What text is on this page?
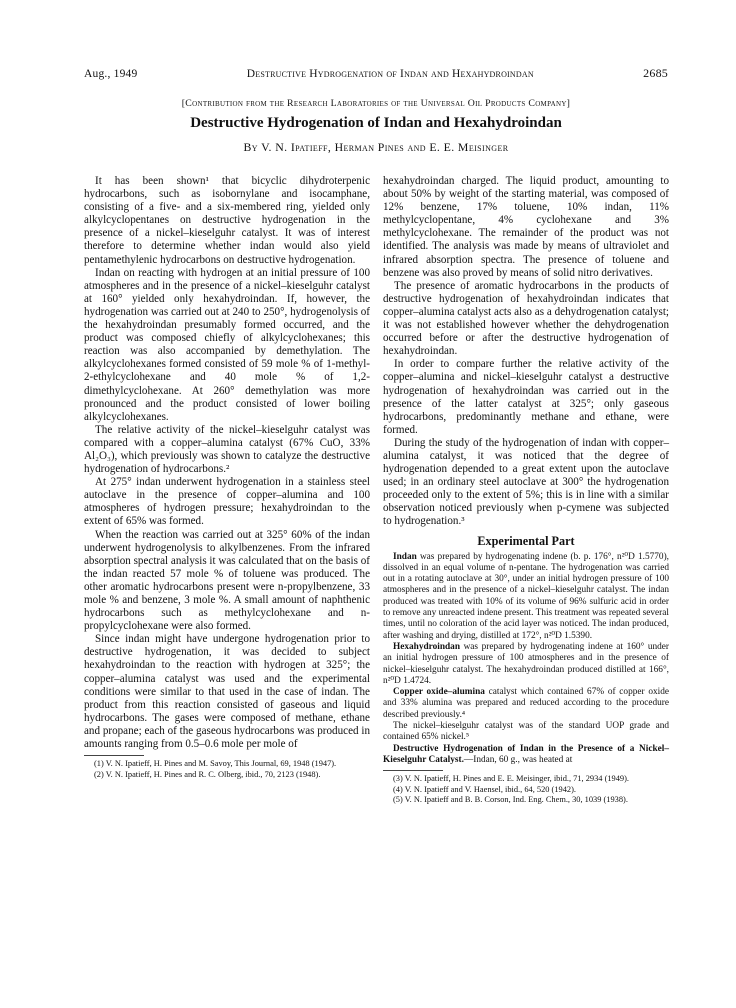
Aug., 1949	Destructive Hydrogenation of Indan and Hexahydroindan	2685
[Contribution from the Research Laboratories of the Universal Oil Products Company]
Destructive Hydrogenation of Indan and Hexahydroindan
By V. N. Ipatieff, Herman Pines and E. E. Meisinger

It has been shown¹ that bicyclic dihydroterpenic hydrocarbons, such as isobornylane and isocamphane, consisting of a five- and a six-membered ring, yielded only alkylcyclopentanes on destructive hydrogenation in the presence of a nickel–kieselguhr catalyst. It was of interest therefore to determine whether indan would also yield pentamethylenic hydrocarbons on destructive hydrogenation.

Indan on reacting with hydrogen at an initial pressure of 100 atmospheres and in the presence of a nickel–kieselguhr catalyst at 160° yielded only hexahydroindan. If, however, the hydrogenation was carried out at 240 to 250°, hydrogenolysis of the hexahydroindan presumably formed occurred, and the product was composed chiefly of alkylcyclohexanes; this reaction was also accompanied by demethylation. The alkylcyclohexanes formed consisted of 59 mole % of 1-methyl-2-ethylcyclohexane and 40 mole % of 1,2-dimethylcyclohexane. At 260° demethylation was more pronounced and the product consisted of lower boiling alkylcyclohexanes.

The relative activity of the nickel–kieselguhr catalyst was compared with a copper–alumina catalyst (67% CuO, 33% Al₂O₃), which previously was shown to catalyze the destructive hydrogenation of hydrocarbons.²

At 275° indan underwent hydrogenation in a stainless steel autoclave in the presence of copper–alumina and 100 atmospheres of hydrogen pressure; hexahydroindan to the extent of 65% was formed.

When the reaction was carried out at 325° 60% of the indan underwent hydrogenolysis to alkylbenzenes. From the infrared absorption spectral analysis it was calculated that on the basis of the indan reacted 57 mole % of toluene was produced. The other aromatic hydrocarbons present were n-propylbenzene, 33 mole % and benzene, 3 mole %. A small amount of naphthenic hydrocarbons such as methylcyclohexane and n-propylcyclohexane were also formed.

Since indan might have undergone hydrogenation prior to destructive hydrogenation, it was decided to subject hexahydroindan to the reaction with hydrogen at 325°; the copper–alumina catalyst was used and the experimental conditions were similar to that used in the case of indan. The product from this reaction consisted of gaseous and liquid hydrocarbons. The gases were composed of methane, ethane and propane; each of the gaseous hydrocarbons was produced in amounts ranging from 0.5–0.6 mole per mole of

(1) V. N. Ipatieff, H. Pines and M. Savoy, This Journal, 69, 1948 (1947).

(2) V. N. Ipatieff, H. Pines and R. C. Olberg, ibid., 70, 2123 (1948).

hexahydroindan charged. The liquid product, amounting to about 50% by weight of the starting material, was composed of 12% benzene, 17% toluene, 10% indan, 11% methylcyclopentane, 4% cyclohexane and 3% methylcyclohexane. The remainder of the product was not identified. The analysis was made by means of ultraviolet and infrared absorption spectra. The presence of toluene and benzene was also proved by means of solid nitro derivatives.

The presence of aromatic hydrocarbons in the products of destructive hydrogenation of hexahydroindan indicates that copper–alumina catalyst acts also as a dehydrogenation catalyst; it was not established however whether the dehydrogenation occurred before or after the destructive hydrogenation of hexahydroindan.

In order to compare further the relative activity of the copper–alumina and nickel–kieselguhr catalyst a destructive hydrogenation of hexahydroindan was carried out in the presence of the latter catalyst at 325°; only gaseous hydrocarbons, predominantly methane and ethane, were formed.

During the study of the hydrogenation of indan with copper–alumina catalyst, it was noticed that the degree of hydrogenation depended to a great extent upon the autoclave used; in an ordinary steel autoclave at 300° the hydrogenation proceeded only to the extent of 5%; this is in line with a similar observation noticed previously when p-cymene was subjected to hydrogenation.³

Experimental Part

Indan was prepared by hydrogenating indene (b. p. 176°, n²⁰D 1.5770), dissolved in an equal volume of n-pentane. The hydrogenation was carried out in a rotating autoclave at 30°, under an initial hydrogen pressure of 100 atmospheres and in the presence of a nickel–kieselguhr catalyst. The indan produced was treated with 10% of its volume of 96% sulfuric acid in order to remove any unreacted indene present. This treatment was repeated several times, until no coloration of the acid layer was noticed. The indan produced, after washing and drying, distilled at 172°, n²⁰D 1.5390.

Hexahydroindan was prepared by hydrogenating indene at 160° under an initial hydrogen pressure of 100 atmospheres and in the presence of nickel–kieselguhr catalyst. The hexahydroindan produced distilled at 166°, n²⁰D 1.4724.

Copper oxide–alumina catalyst which contained 67% of copper oxide and 33% alumina was prepared and reduced according to the procedure described previously.⁴

The nickel–kieselguhr catalyst was of the standard UOP grade and contained 65% nickel.⁵

Destructive Hydrogenation of Indan in the Presence of a Nickel–Kieselguhr Catalyst.—Indan, 60 g., was heated at

(3) V. N. Ipatieff, H. Pines and E. E. Meisinger, ibid., 71, 2934 (1949).

(4) V. N. Ipatieff and V. Haensel, ibid., 64, 520 (1942).

(5) V. N. Ipatieff and B. B. Corson, Ind. Eng. Chem., 30, 1039 (1938).
